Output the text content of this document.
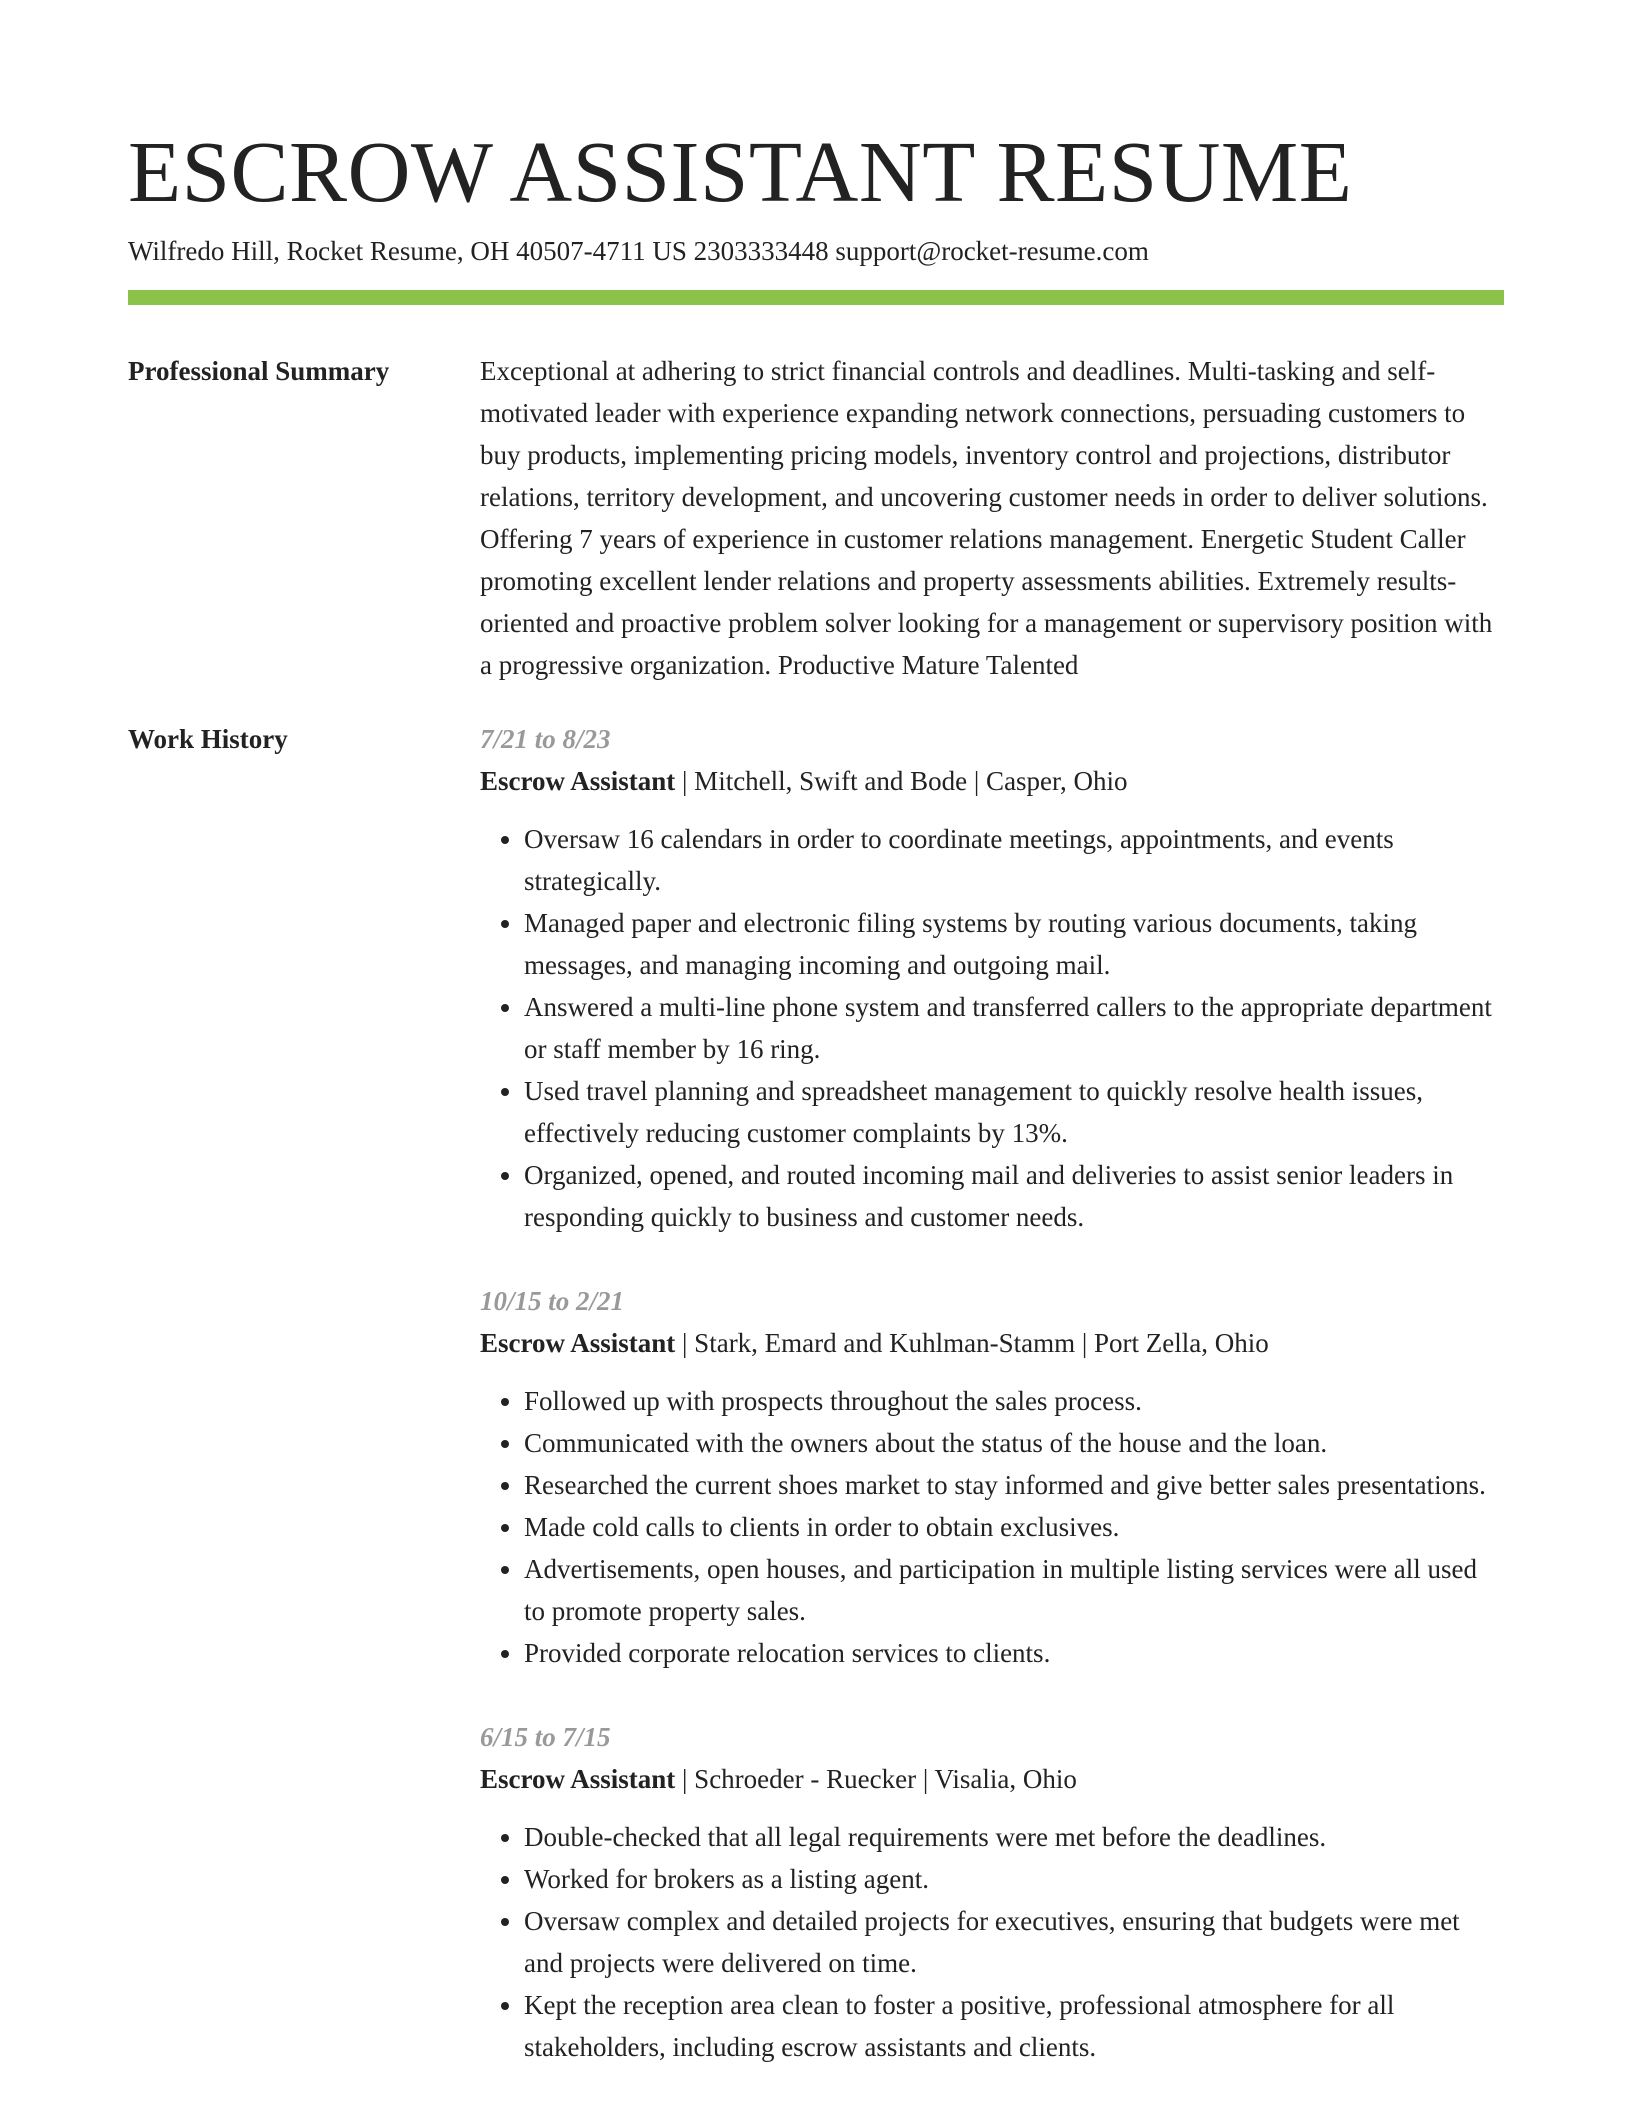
ESCROW ASSISTANT RESUME
Wilfredo Hill, Rocket Resume, OH 40507-4711 US 2303333448 support@rocket-resume.com
Professional Summary	Exceptional at adhering to strict financial controls and deadlines. Multi-tasking and self-motivated leader with experience expanding network connections, persuading customers to buy products, implementing pricing models, inventory control and projections, distributor relations, territory development, and uncovering customer needs in order to deliver solutions. Offering 7 years of experience in customer relations management. Energetic Student Caller promoting excellent lender relations and property assessments abilities. Extremely results-oriented and proactive problem solver looking for a management or supervisory position with a progressive organization. Productive Mature Talented

Work History	7/21 to 8/23
Escrow Assistant | Mitchell, Swift and Bode | Casper, Ohio
• Oversaw 16 calendars in order to coordinate meetings, appointments, and events strategically.
• Managed paper and electronic filing systems by routing various documents, taking messages, and managing incoming and outgoing mail.
• Answered a multi-line phone system and transferred callers to the appropriate department or staff member by 16 ring.
• Used travel planning and spreadsheet management to quickly resolve health issues, effectively reducing customer complaints by 13%.
• Organized, opened, and routed incoming mail and deliveries to assist senior leaders in responding quickly to business and customer needs.
10/15 to 2/21
Escrow Assistant | Stark, Emard and Kuhlman-Stamm | Port Zella, Ohio
• Followed up with prospects throughout the sales process.
• Communicated with the owners about the status of the house and the loan.
• Researched the current shoes market to stay informed and give better sales presentations.
• Made cold calls to clients in order to obtain exclusives.
• Advertisements, open houses, and participation in multiple listing services were all used to promote property sales.
• Provided corporate relocation services to clients.
6/15 to 7/15
Escrow Assistant | Schroeder - Ruecker | Visalia, Ohio
• Double-checked that all legal requirements were met before the deadlines.
• Worked for brokers as a listing agent.
• Oversaw complex and detailed projects for executives, ensuring that budgets were met and projects were delivered on time.
• Kept the reception area clean to foster a positive, professional atmosphere for all stakeholders, including escrow assistants and clients.
